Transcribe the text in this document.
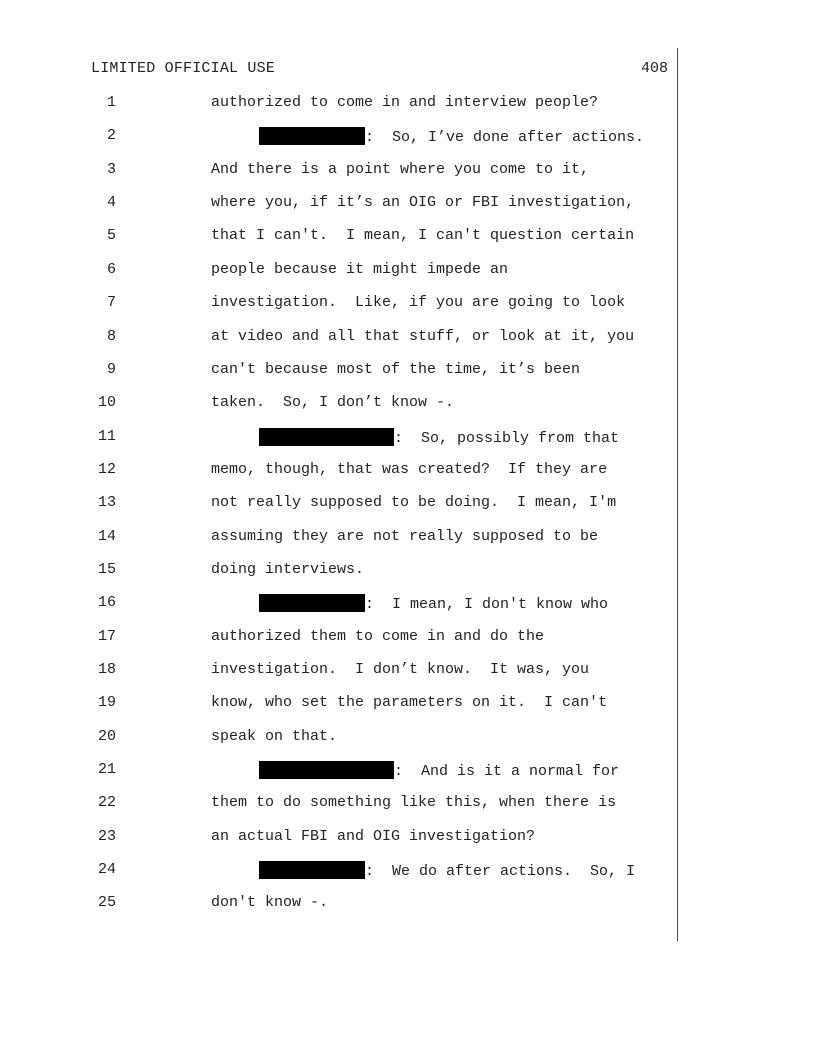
LIMITED OFFICIAL USE	408
1	authorized to come in and interview people?
2	:  So, I’ve done after actions.
3	And there is a point where you come to it,
4	where you, if it’s an OIG or FBI investigation,
5	that I can't.  I mean, I can't question certain
6	people because it might impede an
7	investigation.  Like, if you are going to look
8	at video and all that stuff, or look at it, you
9	can't because most of the time, it’s been
10	taken.  So, I don’t know -.
11	:  So, possibly from that
12	memo, though, that was created?  If they are
13	not really supposed to be doing.  I mean, I'm
14	assuming they are not really supposed to be
15	doing interviews.
16	:  I mean, I don't know who
17	authorized them to come in and do the
18	investigation.  I don’t know.  It was, you
19	know, who set the parameters on it.  I can't
20	speak on that.
21	:  And is it a normal for
22	them to do something like this, when there is
23	an actual FBI and OIG investigation?
24	:  We do after actions.  So, I
25	don't know -.
